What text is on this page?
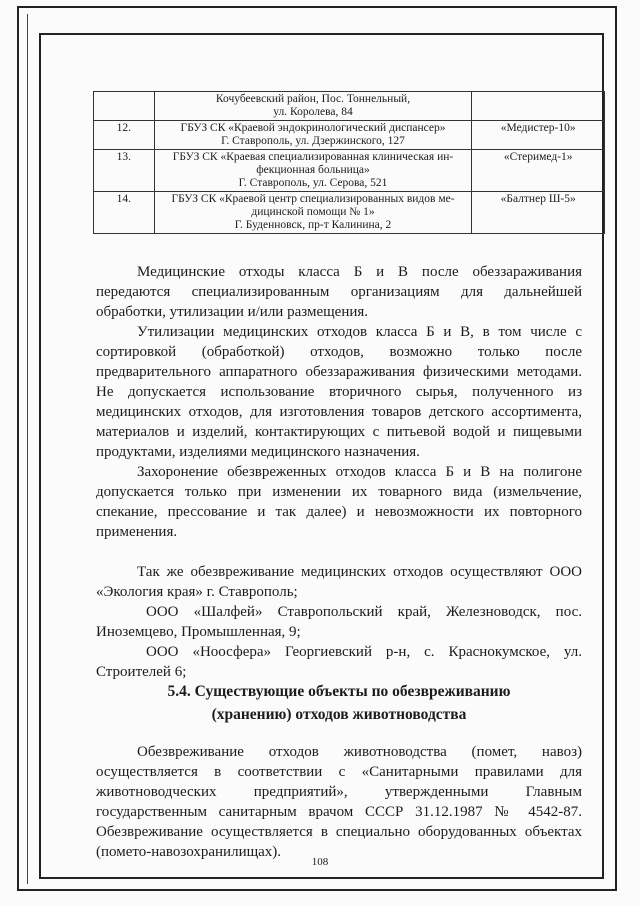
	Кочубеевский район, Пос. Тоннельный,
ул. Королева, 84	

12.	ГБУЗ СК «Краевой эндокринологический диспансер»
Г. Ставрополь, ул. Дзержинского, 127	«Медистер-10»
13.	ГБУЗ СК «Краевая специализированная клиническая ин-
фекционная больница»
Г. Ставрополь, ул. Серова, 521	«Стеримед-1»
14.	ГБУЗ СК «Краевой центр специализированных видов ме-
дицинской помощи № 1»
Г. Буденновск, пр-т Калинина, 2	«Балтнер Ш-5»

Медицинские отходы класса Б и В после обеззараживания передаются специализированным организациям для дальнейшей обработки, утилизации и/или размещения.

Утилизации медицинских отходов класса Б и В, в том числе с сортировкой (обработкой) отходов, возможно только после предварительного аппаратного обеззараживания физическими методами. Не допускается использование вторичного сырья, полученного из медицинских отходов, для изготовления товаров детского ассортимента, материалов и изделий, контактирующих с питьевой водой и пищевыми продуктами, изделиями медицинского назначения.

Захоронение обезвреженных отходов класса Б и В на полигоне допускается только при изменении их товарного вида (измельчение, спекание, прессование и так далее) и невозможности их повторного применения.

Так же обезвреживание медицинских отходов осуществляют ООО «Экология края» г. Ставрополь;

ООО «Шалфей» Ставропольский край, Железноводск, пос. Иноземцево, Промышленная, 9;

ООО «Ноосфера» Георгиевский р-н, с. Краснокумское, ул. Строителей 6;

5.4. Существующие объекты по обезвреживанию
(хранению) отходов животноводства

Обезвреживание отходов животноводства (помет, навоз) осуществляется в соответствии с «Санитарными правилами для животноводческих предприятий», утвержденными Главным государственным санитарным врачом СССР 31.12.1987 № 4542-87. Обезвреживание осуществляется в специально оборудованных объектах (помето-навозохранилищах).

108
